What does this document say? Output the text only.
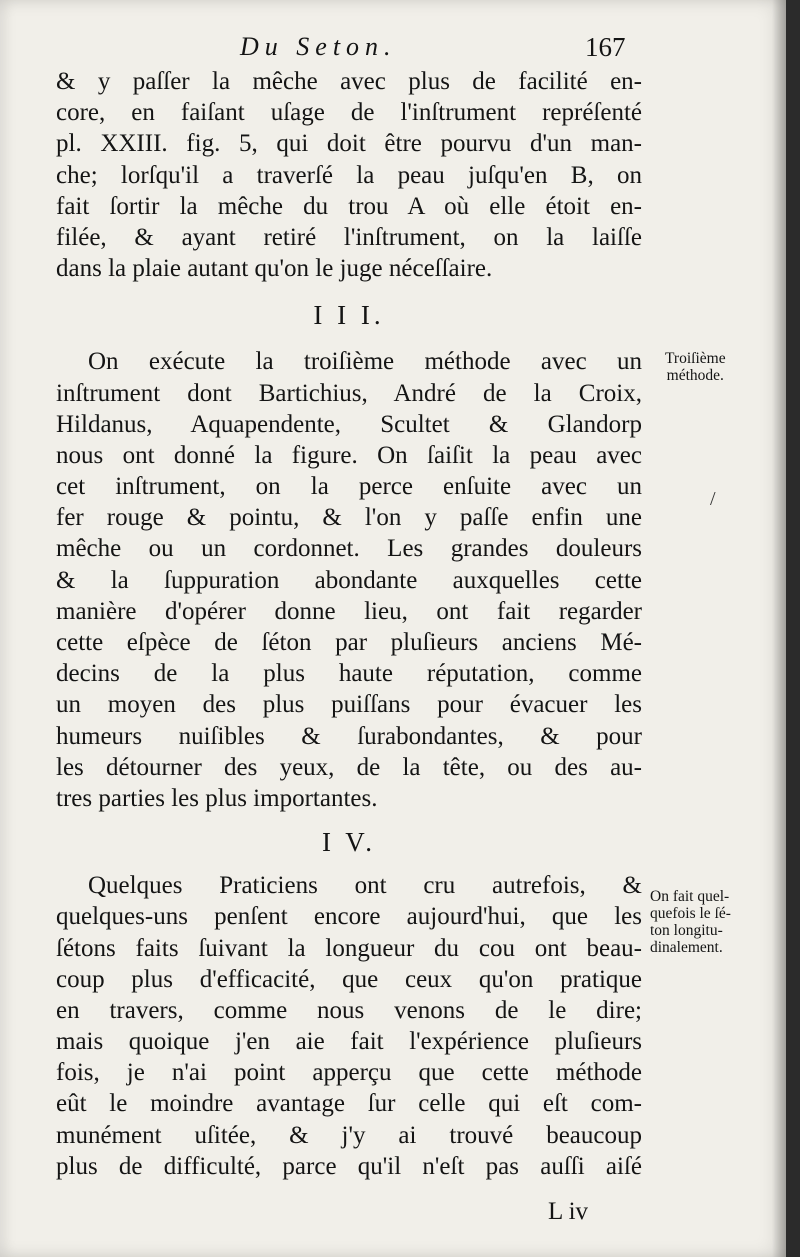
Du Seton.	167
& y paſſer la mêche avec plus de facilité en-
core, en faiſant uſage de l'inſtrument repréſenté
pl. XXIII. fig. 5, qui doit être pourvu d'un man-
che; lorſqu'il a traverſé la peau juſqu'en B, on
fait ſortir la mêche du trou A où elle étoit en-
filée, & ayant retiré l'inſtrument, on la laiſſe
dans la plaie autant qu'on le juge néceſſaire.
I I I.
On exécute la troiſième méthode avec un
inſtrument dont Bartichius, André de la Croix,
Hildanus, Aquapendente, Scultet & Glandorp
nous ont donné la figure. On ſaiſit la peau avec
cet inſtrument, on la perce enſuite avec un
fer rouge & pointu, & l'on y paſſe enfin une
mêche ou un cordonnet. Les grandes douleurs
& la ſuppuration abondante auxquelles cette
manière d'opérer donne lieu, ont fait regarder
cette eſpèce de ſéton par pluſieurs anciens Mé-
decins de la plus haute réputation, comme
un moyen des plus puiſſans pour évacuer les
humeurs nuiſibles & ſurabondantes, & pour
les détourner des yeux, de la tête, ou des au-
tres parties les plus importantes.
I V.
Quelques Praticiens ont cru autrefois, &
quelques-uns penſent encore aujourd'hui, que les
ſétons faits ſuivant la longueur du cou ont beau-
coup plus d'efficacité, que ceux qu'on pratique
en travers, comme nous venons de le dire;
mais quoique j'en aie fait l'expérience pluſieurs
fois, je n'ai point apperçu que cette méthode
eût le moindre avantage ſur celle qui eſt com-
munément uſitée, & j'y ai trouvé beaucoup
plus de difficulté, parce qu'il n'eſt pas auſſi aiſé
Troiſième
méthode.
On fait quel-
quefois le ſé-
ton longitu-
dinalement.
/
L iv
